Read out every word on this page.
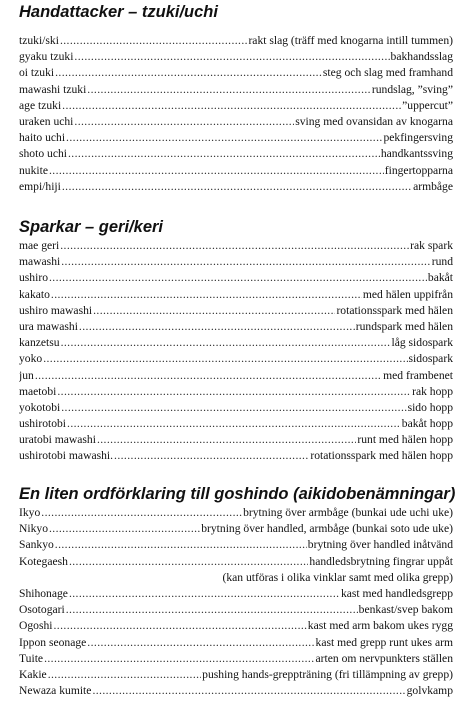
Handattacker – tzuki/uchi
tzuki/ski .....	rakt slag (träff med knogarna intill tummen)
gyaku tzuki .....	bakhandsslag
oi tzuki .....	steg och slag med framhand
mawashi tzuki .....	rundslag, ”sving”
age tzuki .....	”uppercut”
uraken uchi .....	sving med ovansidan av knogarna
haito uchi .....	pekfingersving
shoto uchi .....	handkantssving
nukite .....	fingertopparna
empi/hiji .....	armbåge
Sparkar – geri/keri
mae geri .....	rak spark
mawashi .....	rund
ushiro .....	bakåt
kakato .....	med hälen uppifrån
ushiro mawashi .....	rotationsspark med hälen
ura mawashi .....	rundspark med hälen
kanzetsu .....	låg sidospark
yoko .....	sidospark
jun .....	med frambenet
maetobi .....	rak hopp
yokotobi .....	sido hopp
ushirotobi .....	bakåt hopp
uratobi mawashi .....	runt med hälen hopp
ushirotobi mawashi. .....	rotationsspark med hälen hopp
En liten ordförklaring till goshindo (aikidobenämningar)
Ikyo .....	brytning över armbåge (bunkai ude uchi uke)
Nikyo .....	brytning över handled, armbåge (bunkai soto ude uke)
Sankyo .....	brytning över handled inåtvänd
Kotegaesh .....	handledsbrytning fingrar uppåt
(kan utföras i olika vinklar samt med olika grepp)
Shihonage .....	kast med handledsgrepp
Osotogari .....	benkast/svep bakom
Ogoshi .....	kast med arm bakom ukes rygg
Ippon seonage .....	kast med grepp runt ukes arm
Tuite .....	arten om nervpunkters ställen
Kakie .....	pushing hands-greppträning (fri tillämpning av grepp)
Newaza kumite .....	golvkamp
